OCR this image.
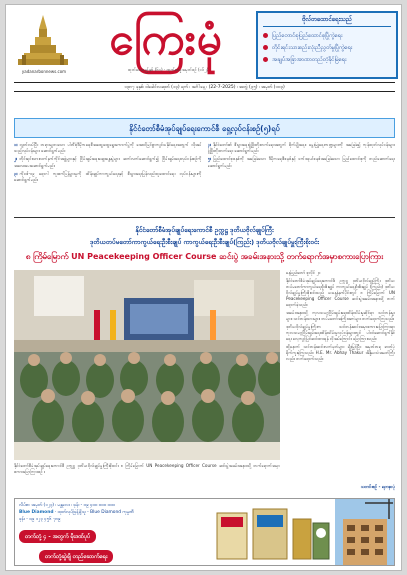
yadanarbonnews.com
ကြေးမုံ
ထုတ်ဝေသည့်နှစ် (၆၁) · ထုတ်ဝေမှုအမှတ်စဉ် (၁၆၂)
ဗိုလ်တထောင်ရေးသည်
ပြည်တောင်စုပြည်ထောင်စုပြိုကွဲရေး
တိုင်းရင်းသားစည်းလုံးညီညွတ်မှုပြိုကွဲရေး
အချုပ်အခြာအာဏာတည်တံ့ခိုင်မြဲရေး
၁၃၈၇ ခုနှစ်၊ ဝါခေါင်လဆုတ် (၁၃) ရက် ၊ အင်္ဂါနေ့ ၊ (22-7-2025) ၊ အတွဲ (၃၅) ၊ အမှတ် (၁၀၃)
နိုင်ငံတော်စီမံအုပ်ချုပ်ရေးကောင်စီ ရှေ့လုပ်ငန်းစဉ်(၅)ရပ်

၁။ လွတ်လပ်ပြီး တရားမျှတသော ပါတီစုံဒီမိုကရေစီအထွေထွေရွေးကောက်ပွဲကို အောင်မြင်စွာကျင်းပနိုင်ရေးအတွက် လိုအပ်သည့်လုပ်ငန်းများ ဆောင်ရွက်မည်။

၂။ တိုင်းရင်းသားလက်နက်ကိုင်အဖွဲ့များနှင့် ငြိမ်းချမ်းရေးဆွေးနွေးပွဲများ ဆက်လက်ဆောင်ရွက်၍ ငြိမ်းချမ်းရေးလုပ်ငန်းစဉ်ကို အလေးပေးဆောင်ရွက်မည်။

၃။ ကိုဗစ်-၁၉ ရောဂါ ကူးစက်ပြန့်ပွားမှုကို ထိန်းချုပ်ကာကွယ်ရေးနှင့် စီးပွားရေးပြန်လည်ထူထောင်ရေး လုပ်ငန်းများကို ဆောင်ရွက်မည်။

၄။ နိုင်ငံတော်၏ စီးပွားရေးဖွံ့ဖြိုးတိုးတက်ရေးအတွက် စိုက်ပျိုးရေး၊ မွေးမြူရေးကဏ္ဍများကို အခြေခံ၍ ကုန်ထုတ်လုပ်ငန်းများ ဖွံ့ဖြိုးတိုးတက်ရေး ဆောင်ရွက်မည်။

၅။ ပြည်ထောင်စုစနစ်ကို အခြေခံသော ဒီမိုကရေစီစနစ်နှင့် ဖက်ဒရယ်စနစ်အခြေခံသော ပြည်ထောင်စုကို တည်ဆောက်ရေး ဆောင်ရွက်မည်။

နိုင်ငံတော်စီမံအုပ်ချုပ်ရေးကောင်စီ ဥက္ကဋ္ဌ ဒုတိယဗိုလ်ချုပ်ကြီး
ဒုတိယတပ်မတော်ကာကွယ်ရေးဦးစီးချုပ် ကာကွယ်ရေးဦးစီးချုပ်(ကြည်း) ဒုတိယဗိုလ်ချုပ်မှူးကြီးစိုးဝင်း
၈ ကြိမ်မြောက် UN Peacekeeping Officer Course ဆင်းပွဲ အခမ်းအနားသို့ တက်ရောက်အမှာစကားပြောကြား
နိုင်ငံတော်စီမံအုပ်ချုပ်ရေးကောင်စီ ဥက္ကဋ္ဌ ဒုတိယဗိုလ်ချုပ်မှူးကြီးစိုးဝင်း ၈ ကြိမ်မြောက် UN Peacekeeping Officer Course ဆင်းပွဲအခမ်းအနားသို့ တက်ရောက်အမှာစကားပြောကြားစဉ် ။

နေပြည်တော် ဇူလိုင် ၂၁

နိုင်ငံတော်စီမံအုပ်ချုပ်ရေးကောင်စီ ဥက္ကဋ္ဌ ဒုတိယဗိုလ်ချုပ်ကြီး ဒုတိယတပ်မတော်ကာကွယ်ရေးဦးစီးချုပ် ကာကွယ်ရေးဦးစီးချုပ် (ကြည်း) ဒုတိယဗိုလ်ချုပ်မှူးကြီးစိုးဝင်းသည် ယနေ့နံနက်ပိုင်းတွင် ၈ ကြိမ်မြောက် UN Peacekeeping Officer Course ဆင်းပွဲအခမ်းအနားသို့ တက်ရောက်ခဲ့သည်။

အခမ်းအနားသို့ ကုလသမဂ္ဂငြိမ်းချမ်းရေးထိန်းသိမ်းမှုဆိုင်ရာ သင်တန်းမှူးများ၊ သင်တန်းသားများ၊ တပ်မတော်အကြီးအကဲများ တက်ရောက်ကြသည်။

ဒုတိယဗိုလ်ချုပ်မှူးကြီးက သင်တန်းဆင်းအမှာစကားပြောကြားရာ ကုလသမဂ္ဂငြိမ်းချမ်းရေးထိန်းသိမ်းမှုလုပ်ငန်းများတွင် ပါဝင်ဆောင်ရွက်နိုင်ရေး လေ့ကျင့်ပြင်ဆင်ထားရန် လိုအပ်ကြောင်း ပြောကြားသည်။

ထို့နောက် သင်တန်းဆင်းလက်မှတ်များ ချီးမြှင့်ပြီး အမှတ်တရ ဓာတ်ပုံရိုက်ကူးခဲ့ကြသည်။ H.E. Mr. Abhay Thakur အိန္ဒိယသံအမတ်ကြီး လည်း တက်ရောက်သည်။

သတင်းစဉ် - ရတနာပုံ
လိပ်စာ အမှတ် (၁၂၃) ၊ မန္တလေး ၊ ဖုန်း - ၀၉ ၄၀၀ ၀၀၀ ၀၀၀
Blue Diamond · ထုတ်လုပ်ဖြန့်ချိသူ - Blue Diamond ကုမ္ပဏီ
ဖုန်း - ၀၉ ၁၂၃ ၄၅၆ ၇၈၉
တက်တုံ့ ၄ - အတွက် မိုးဒဏ်ပုပ်
တက်တုံ့ဆွဲချိ တည်ဆောက်ရေး
